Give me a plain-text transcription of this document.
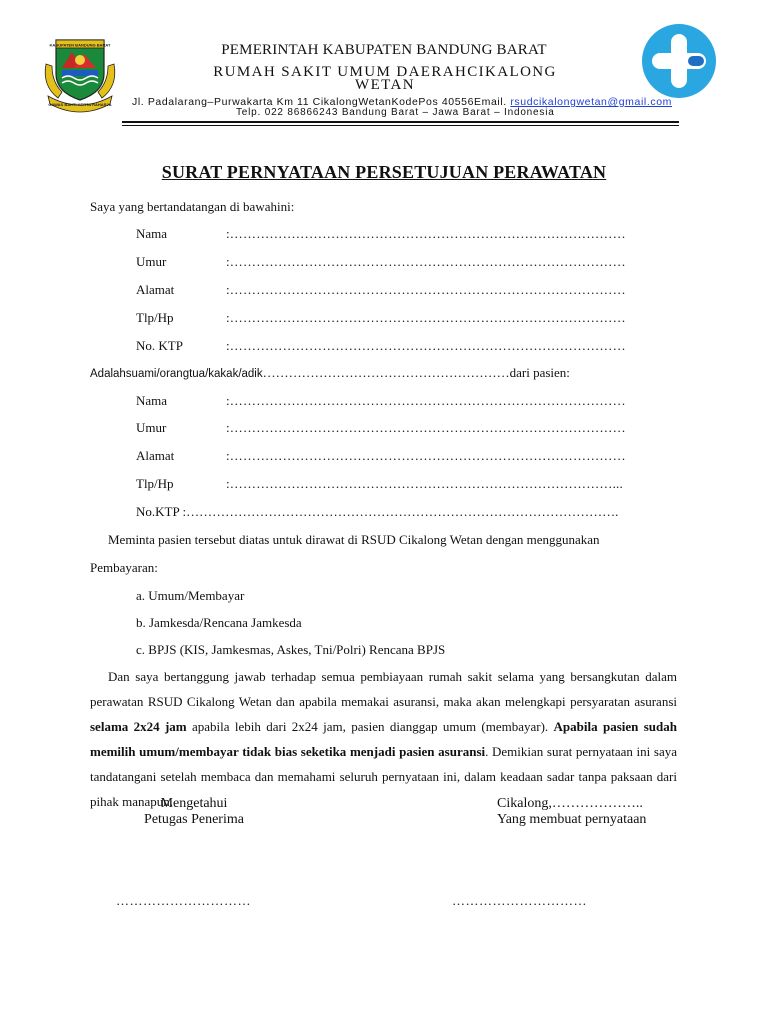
KABUPATEN BANDUNG BARAT
GAWAS BAKTI KERTA RAHARJA
PEMERINTAH KABUPATEN BANDUNG BARAT
RUMAH SAKIT UMUM DAERAHCIKALONG
WETAN
Jl. Padalarang–Purwakarta Km 11 CikalongWetanKodePos 40556Email. rsudcikalongwetan@gmail.com
Telp. 022 86866243 Bandung Barat – Jawa Barat – Indonesia
SURAT PERNYATAAN PERSETUJUAN PERAWATAN
Saya yang bertandatangan di bawahini:
Nama	:………………………………………………………………………………
Umur	:………………………………………………………………………………
Alamat	:………………………………………………………………………………
Tlp/Hp	:………………………………………………………………………………
No. KTP	:………………………………………………………………………………
Adalahsuami/orangtua/kakak/adik…………………………………………………dari pasien:
Nama	:………………………………………………………………………………
Umur	:………………………………………………………………………………
Alamat	:………………………………………………………………………………
Tlp/Hp	:……………………………………………………………………………...
No.KTP :……………………………………………………………………………………….
Meminta pasien tersebut diatas untuk dirawat di RSUD Cikalong Wetan dengan menggunakan
Pembayaran:
a. Umum/Membayar
b. Jamkesda/Rencana Jamkesda
c. BPJS (KIS, Jamkesmas, Askes, Tni/Polri) Rencana BPJS
Dan saya bertanggung jawab terhadap semua pembiayaan rumah sakit selama yang bersangkutan dalam perawatan RSUD Cikalong Wetan dan apabila memakai asuransi, maka akan melengkapi persyaratan asuransi selama 2x24 jam apabila lebih dari 2x24 jam, pasien dianggap umum (membayar). Apabila pasien sudah memilih umum/membayar tidak bias seketika menjadi pasien asuransi. Demikian surat pernyataan ini saya tandatangani setelah membaca dan memahami seluruh pernyataan ini, dalam keadaan sadar tanpa paksaan dari pihak manapun.
Mengetahui
Petugas Penerima
Cikalong,………………..
Yang membuat pernyataan
…………………………	…………………………
